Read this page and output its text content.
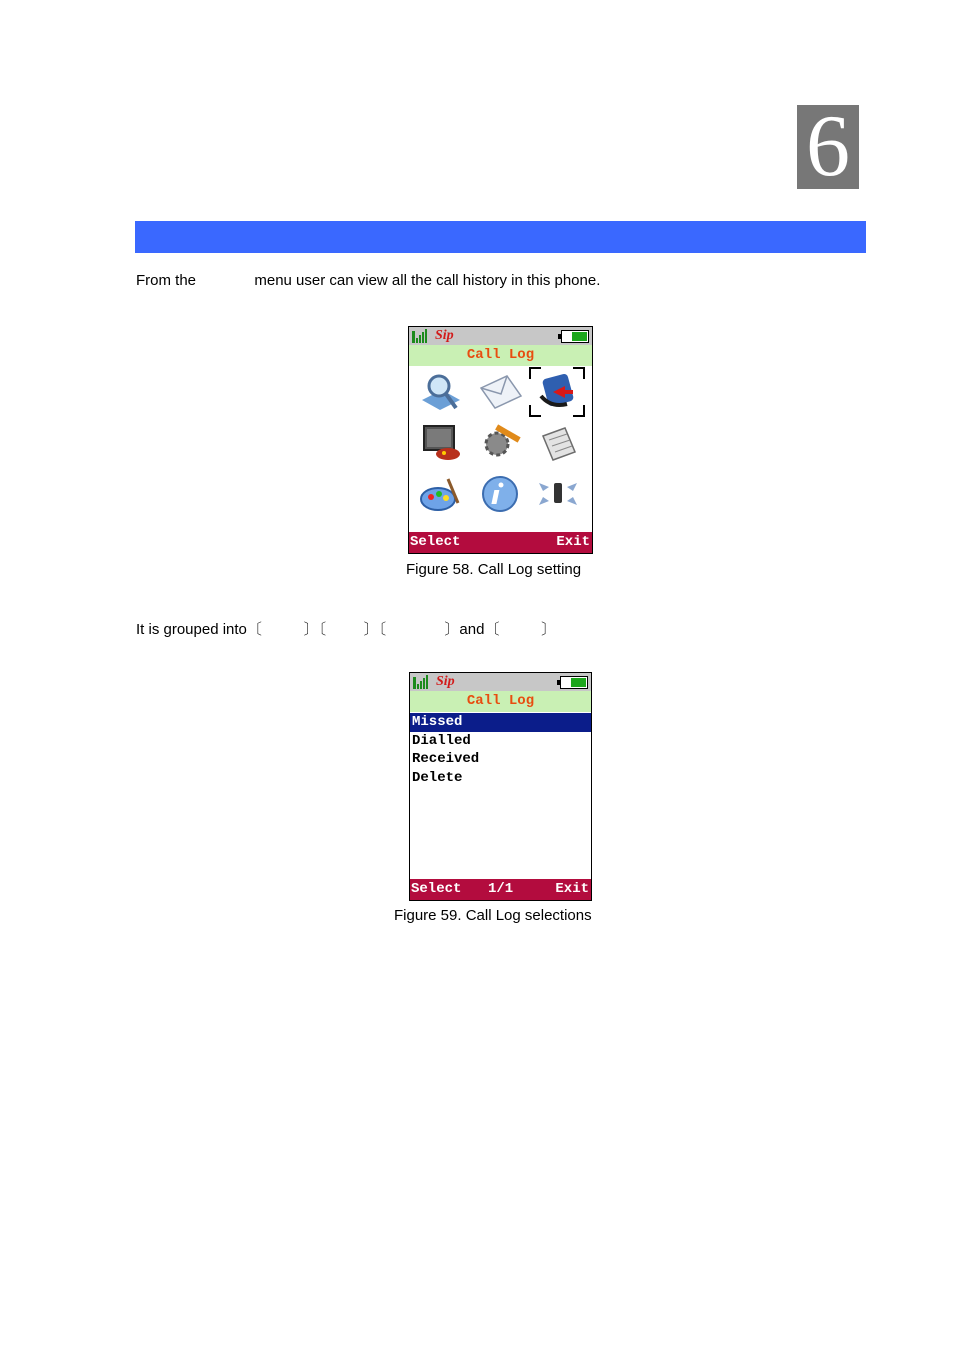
6
From the              menu user can view all the call history in this phone.
Sip
Call Log
Select	Exit
Figure 58. Call Log setting
It is grouped into〔          〕〔         〕〔              〕and〔          〕
Sip
Call Log
Missed
Dialled
Received
Delete
Select 1/1	Exit
Figure 59. Call Log selections
